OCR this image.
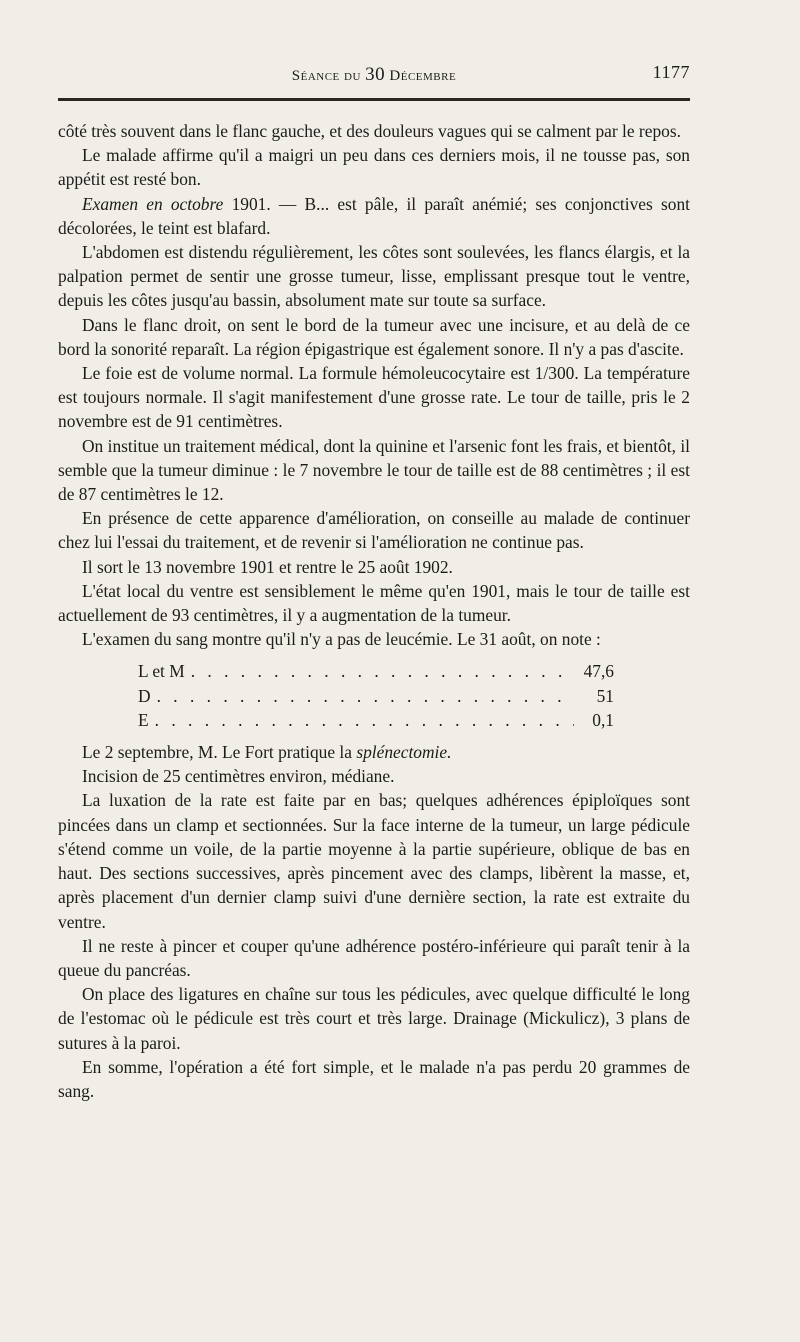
Séance du 30 Décembre	1177

côté très souvent dans le flanc gauche, et des douleurs vagues qui se calment par le repos.

Le malade affirme qu'il a maigri un peu dans ces derniers mois, il ne tousse pas, son appétit est resté bon.

Examen en octobre 1901. — B... est pâle, il paraît anémié; ses conjonctives sont décolorées, le teint est blafard.

L'abdomen est distendu régulièrement, les côtes sont soulevées, les flancs élargis, et la palpation permet de sentir une grosse tumeur, lisse, emplissant presque tout le ventre, depuis les côtes jusqu'au bassin, absolument mate sur toute sa surface.

Dans le flanc droit, on sent le bord de la tumeur avec une incisure, et au delà de ce bord la sonorité reparaît. La région épigastrique est également sonore. Il n'y a pas d'ascite.

Le foie est de volume normal. La formule hémoleucocytaire est 1/300. La température est toujours normale. Il s'agit manifestement d'une grosse rate. Le tour de taille, pris le 2 novembre est de 91 centimètres.

On institue un traitement médical, dont la quinine et l'arsenic font les frais, et bientôt, il semble que la tumeur diminue : le 7 novembre le tour de taille est de 88 centimètres ; il est de 87 centimètres le 12.

En présence de cette apparence d'amélioration, on conseille au malade de continuer chez lui l'essai du traitement, et de revenir si l'amélioration ne continue pas.

Il sort le 13 novembre 1901 et rentre le 25 août 1902.

L'état local du ventre est sensiblement le même qu'en 1901, mais le tour de taille est actuellement de 93 centimètres, il y a augmentation de la tumeur.

L'examen du sang montre qu'il n'y a pas de leucémie. Le 31 août, on note :

L et M . . .	47,6
D . . .	51
E . . .	0,1

Le 2 septembre, M. Le Fort pratique la splénectomie.

Incision de 25 centimètres environ, médiane.

La luxation de la rate est faite par en bas; quelques adhérences épiploïques sont pincées dans un clamp et sectionnées. Sur la face interne de la tumeur, un large pédicule s'étend comme un voile, de la partie moyenne à la partie supérieure, oblique de bas en haut. Des sections successives, après pincement avec des clamps, libèrent la masse, et, après placement d'un dernier clamp suivi d'une dernière section, la rate est extraite du ventre.

Il ne reste à pincer et couper qu'une adhérence postéro-inférieure qui paraît tenir à la queue du pancréas.

On place des ligatures en chaîne sur tous les pédicules, avec quelque difficulté le long de l'estomac où le pédicule est très court et très large. Drainage (Mickulicz), 3 plans de sutures à la paroi.

En somme, l'opération a été fort simple, et le malade n'a pas perdu 20 grammes de sang.
